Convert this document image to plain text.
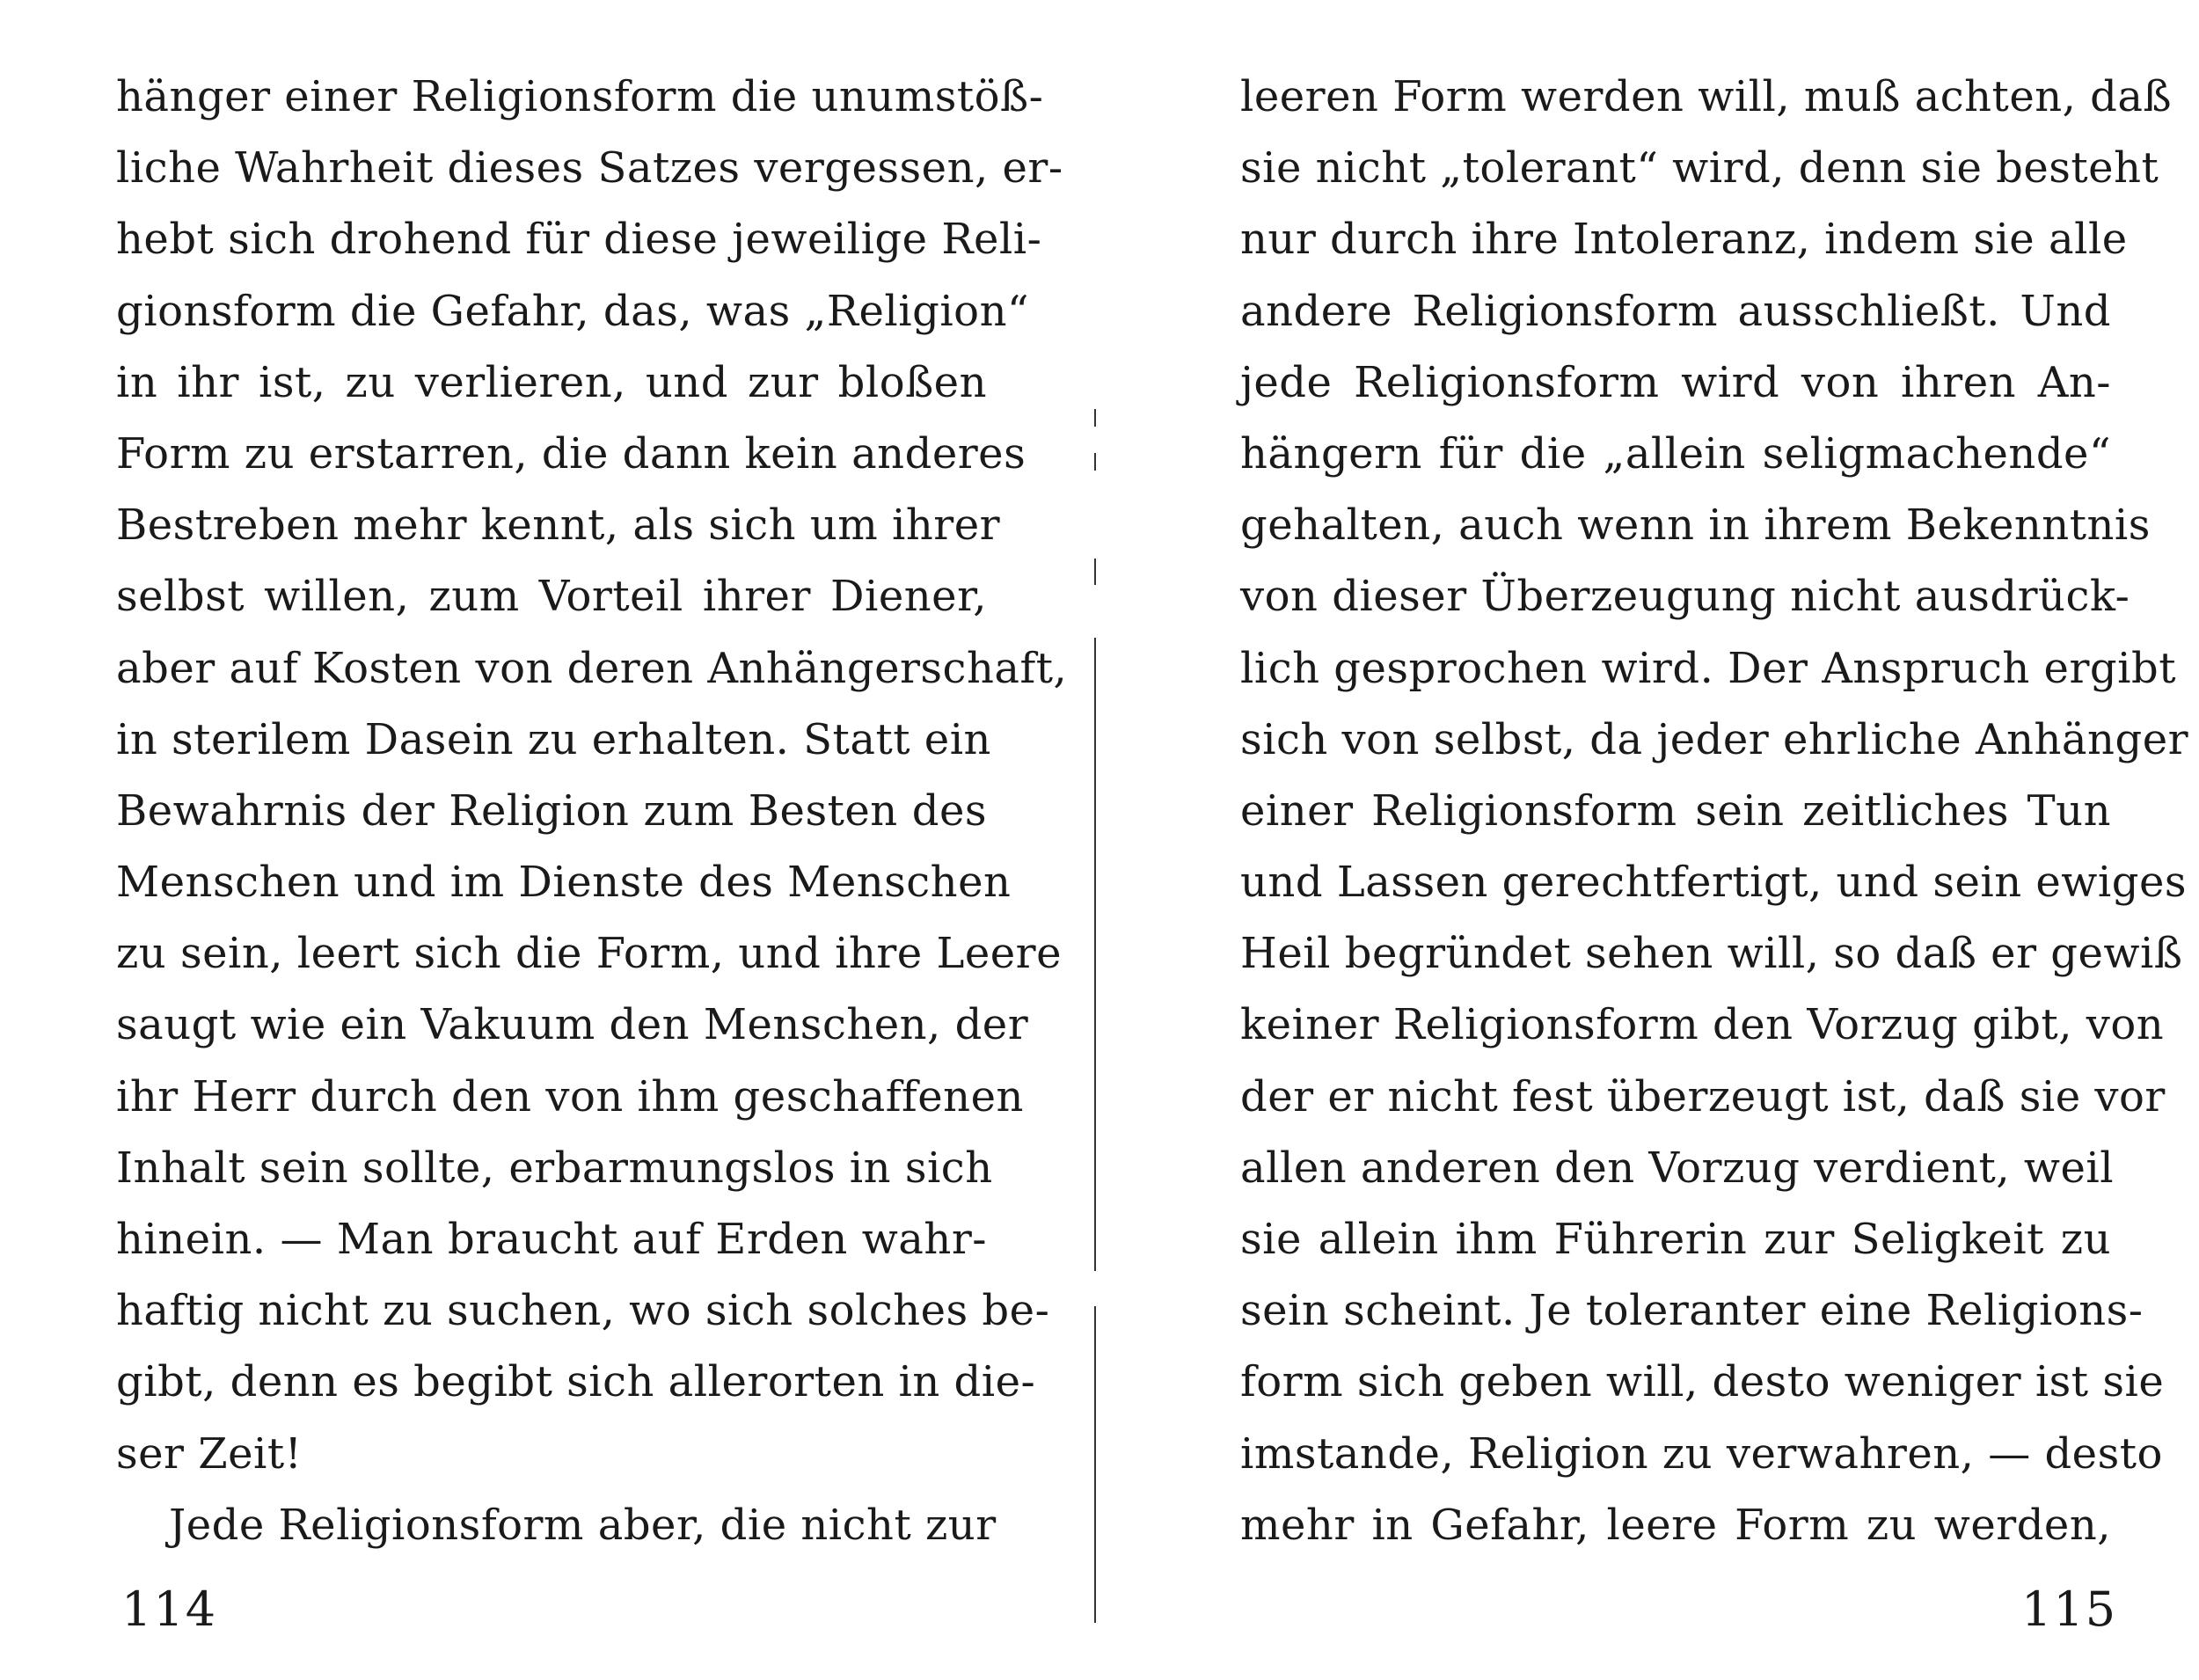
hänger einer Religionsform die unumstöß-
liche Wahrheit dieses Satzes vergessen, er-
hebt sich drohend für diese jeweilige Reli-
gionsform die Gefahr, das, was „Religion“
in ihr ist, zu verlieren, und zur bloßen
Form zu erstarren, die dann kein anderes
Bestreben mehr kennt, als sich um ihrer
selbst willen, zum Vorteil ihrer Diener,
aber auf Kosten von deren Anhängerschaft,
in sterilem Dasein zu erhalten. Statt ein
Bewahrnis der Religion zum Besten des
Menschen und im Dienste des Menschen
zu sein, leert sich die Form, und ihre Leere
saugt wie ein Vakuum den Menschen, der
ihr Herr durch den von ihm geschaffenen
Inhalt sein sollte, erbarmungslos in sich
hinein. — Man braucht auf Erden wahr-
haftig nicht zu suchen, wo sich solches be-
gibt, denn es begibt sich allerorten in die-
ser Zeit!
Jede Religionsform aber, die nicht zur
leeren Form werden will, muß achten, daß
sie nicht „tolerant“ wird, denn sie besteht
nur durch ihre Intoleranz, indem sie alle
andere Religionsform ausschließt. Und
jede Religionsform wird von ihren An-
hängern für die „allein seligmachende“
gehalten, auch wenn in ihrem Bekenntnis
von dieser Überzeugung nicht ausdrück-
lich gesprochen wird. Der Anspruch ergibt
sich von selbst, da jeder ehrliche Anhänger
einer Religionsform sein zeitliches Tun
und Lassen gerechtfertigt, und sein ewiges
Heil begründet sehen will, so daß er gewiß
keiner Religionsform den Vorzug gibt, von
der er nicht fest überzeugt ist, daß sie vor
allen anderen den Vorzug verdient, weil
sie allein ihm Führerin zur Seligkeit zu
sein scheint. Je toleranter eine Religions-
form sich geben will, desto weniger ist sie
imstande, Religion zu verwahren, — desto
mehr in Gefahr, leere Form zu werden,
114	115
